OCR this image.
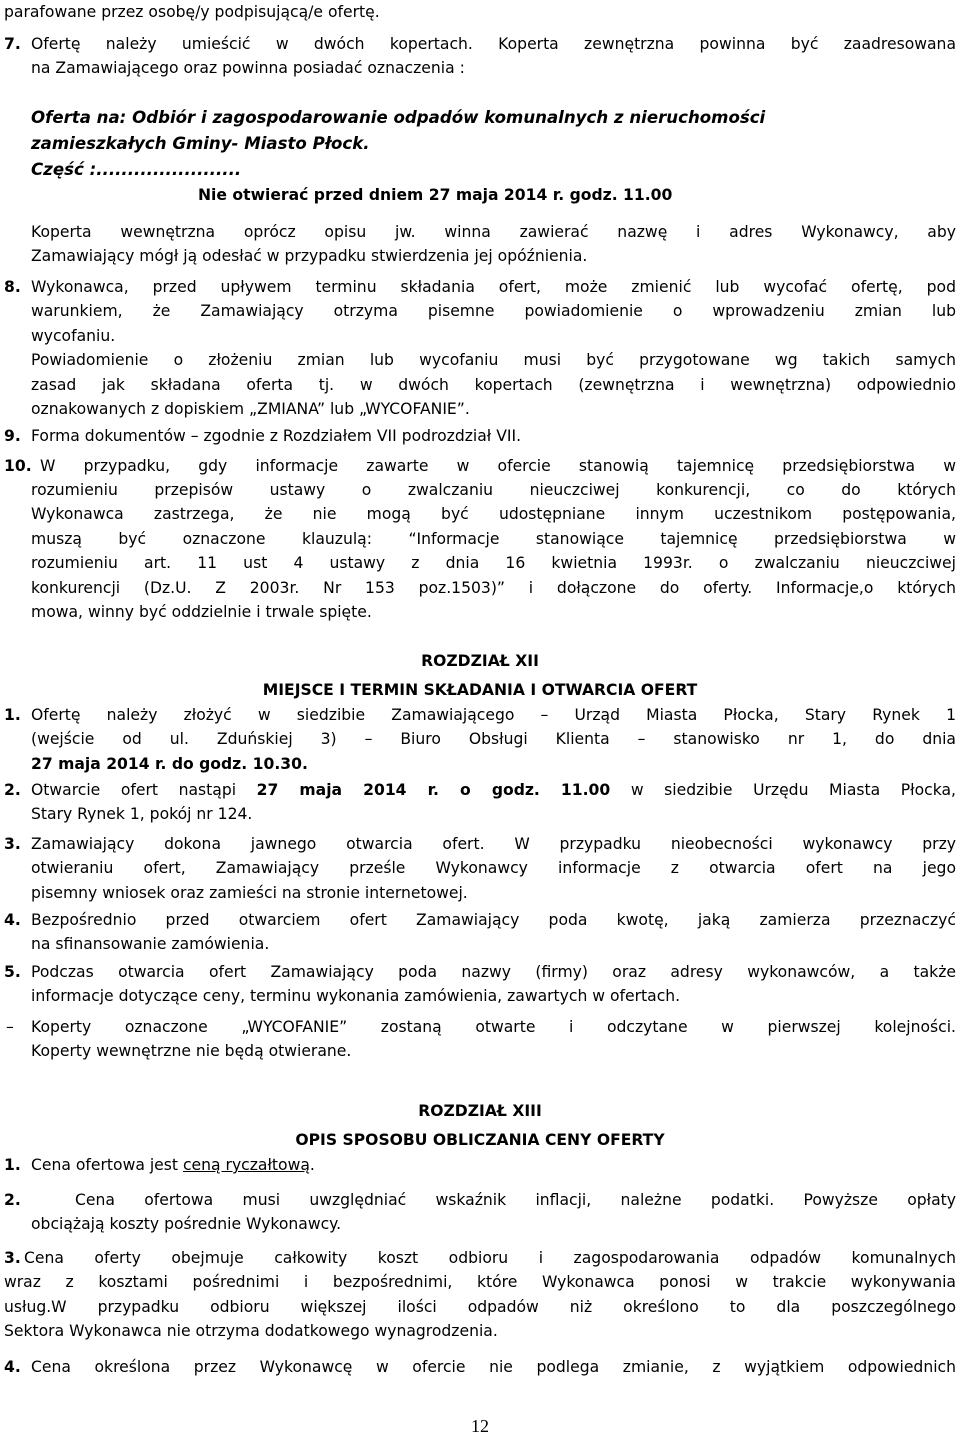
parafowane przez osobę/y podpisującą/e ofertę.
7. Ofertę należy umieścić w dwóch kopertach. Koperta zewnętrzna powinna być zaadresowana
na Zamawiającego oraz powinna posiadać oznaczenia :
Oferta na: Odbiór i zagospodarowanie odpadów komunalnych z nieruchomości
zamieszkałych Gminy- Miasto Płock.
Część :.......................
Nie otwierać przed dniem 27 maja 2014 r. godz. 11.00
Koperta wewnętrzna oprócz opisu jw. winna zawierać nazwę i adres Wykonawcy, aby
Zamawiający mógł ją odesłać w przypadku stwierdzenia jej opóźnienia.
8. Wykonawca, przed upływem terminu składania ofert, może zmienić lub wycofać ofertę, pod
warunkiem, że Zamawiający otrzyma pisemne powiadomienie o wprowadzeniu zmian lub
wycofaniu.
Powiadomienie o złożeniu zmian lub wycofaniu musi być przygotowane wg takich samych
zasad jak składana oferta tj. w dwóch kopertach (zewnętrzna i wewnętrzna) odpowiednio
oznakowanych z dopiskiem „ZMIANA” lub „WYCOFANIE”.
9. Forma dokumentów – zgodnie z Rozdziałem VII podrozdział VII.
10. W przypadku, gdy informacje zawarte w ofercie stanowią tajemnicę przedsiębiorstwa w
rozumieniu przepisów ustawy o zwalczaniu nieuczciwej konkurencji, co do których
Wykonawca zastrzega, że nie mogą być udostępniane innym uczestnikom postępowania,
muszą być oznaczone klauzulą: “Informacje stanowiące tajemnicę przedsiębiorstwa w
rozumieniu art. 11 ust 4 ustawy z dnia 16 kwietnia 1993r. o zwalczaniu nieuczciwej
konkurencji (Dz.U. Z 2003r. Nr 153 poz.1503)” i dołączone do oferty. Informacje,o których
mowa, winny być oddzielnie i trwale spięte.
ROZDZIAŁ XII
MIEJSCE I TERMIN SKŁADANIA I OTWARCIA OFERT
1. Ofertę należy złożyć w siedzibie Zamawiającego – Urząd Miasta Płocka, Stary Rynek 1
(wejście od ul. Zduńskiej 3) – Biuro Obsługi Klienta – stanowisko nr 1, do dnia
27 maja 2014 r. do godz. 10.30.
2. Otwarcie ofert nastąpi 27 maja 2014 r. o godz. 11.00 w siedzibie Urzędu Miasta Płocka,
Stary Rynek 1, pokój nr 124.
3. Zamawiający dokona jawnego otwarcia ofert. W przypadku nieobecności wykonawcy przy
otwieraniu ofert, Zamawiający prześle Wykonawcy informacje z otwarcia ofert na jego
pisemny wniosek oraz zamieści na stronie internetowej.
4. Bezpośrednio przed otwarciem ofert Zamawiający poda kwotę, jaką zamierza przeznaczyć
na sfinansowanie zamówienia.
5. Podczas otwarcia ofert Zamawiający poda nazwy (firmy) oraz adresy wykonawców, a także
informacje dotyczące ceny, terminu wykonania zamówienia, zawartych w ofertach.
– Koperty oznaczone „WYCOFANIE” zostaną otwarte i odczytane w pierwszej kolejności.
Koperty wewnętrzne nie będą otwierane.
ROZDZIAŁ XIII
OPIS SPOSOBU OBLICZANIA CENY OFERTY
1. Cena ofertowa jest ceną ryczałtową.
2.	Cena ofertowa musi uwzględniać wskaźnik inflacji, należne podatki. Powyższe opłaty
obciążają koszty pośrednie Wykonawcy.
3. Cena oferty obejmuje całkowity koszt odbioru i zagospodarowania odpadów komunalnych
wraz z kosztami pośrednimi i bezpośrednimi, które Wykonawca ponosi w trakcie wykonywania
usług.W przypadku odbioru większej ilości odpadów niż określono to dla poszczególnego
Sektora Wykonawca nie otrzyma dodatkowego wynagrodzenia.
4. Cena określona przez Wykonawcę w ofercie nie podlega zmianie, z wyjątkiem odpowiednich
12
